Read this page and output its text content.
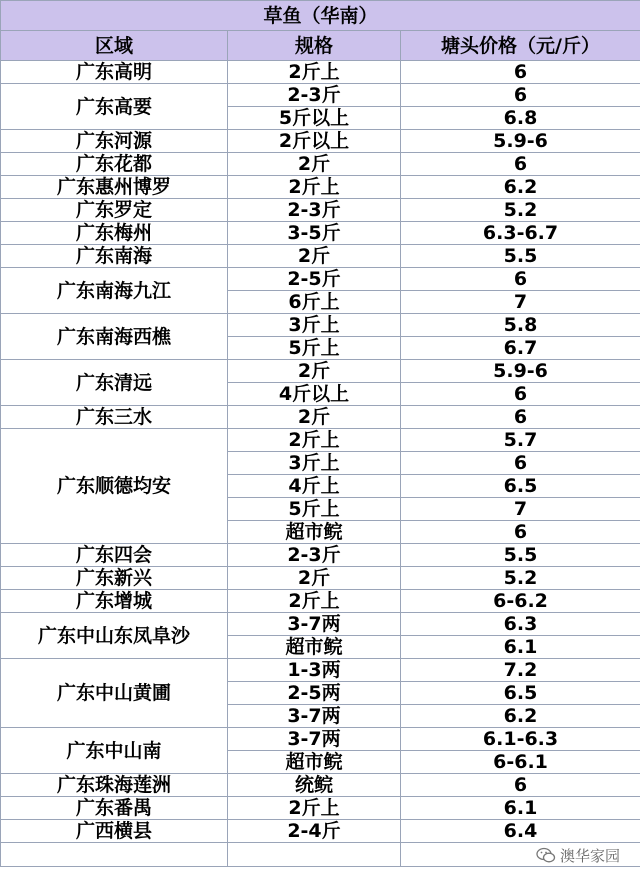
草鱼（华南）		
区域	规格	塘头价格（元/斤）
广东高明	2斤上	6
广东高要	2-3斤	6
	5斤以上	6.8
广东河源	2斤以上	5.9-6
广东花都	2斤	6
广东惠州博罗	2斤上	6.2
广东罗定	2-3斤	5.2
广东梅州	3-5斤	6.3-6.7
广东南海	2斤	5.5
广东南海九江	2-5斤	6
	6斤上	7
广东南海西樵	3斤上	5.8
	5斤上	6.7
广东清远	2斤	5.9-6
	4斤以上	6
广东三水	2斤	6
广东顺德均安	2斤上	5.7
	3斤上	6
	4斤上	6.5
	5斤上	7
	超市鲩	6
广东四会	2-3斤	5.5
广东新兴	2斤	5.2
广东增城	2斤上	6-6.2
广东中山东凤阜沙	3-7两	6.3
	超市鲩	6.1
广东中山黄圃	1-3两	7.2
	2-5两	6.5
	3-7两	6.2
广东中山南	3-7两	6.1-6.3
	超市鲩	6-6.1
广东珠海莲洲	统鲩	6
广东番禺	2斤上	6.1
广西横县	2-4斤	6.4

澳华家园
